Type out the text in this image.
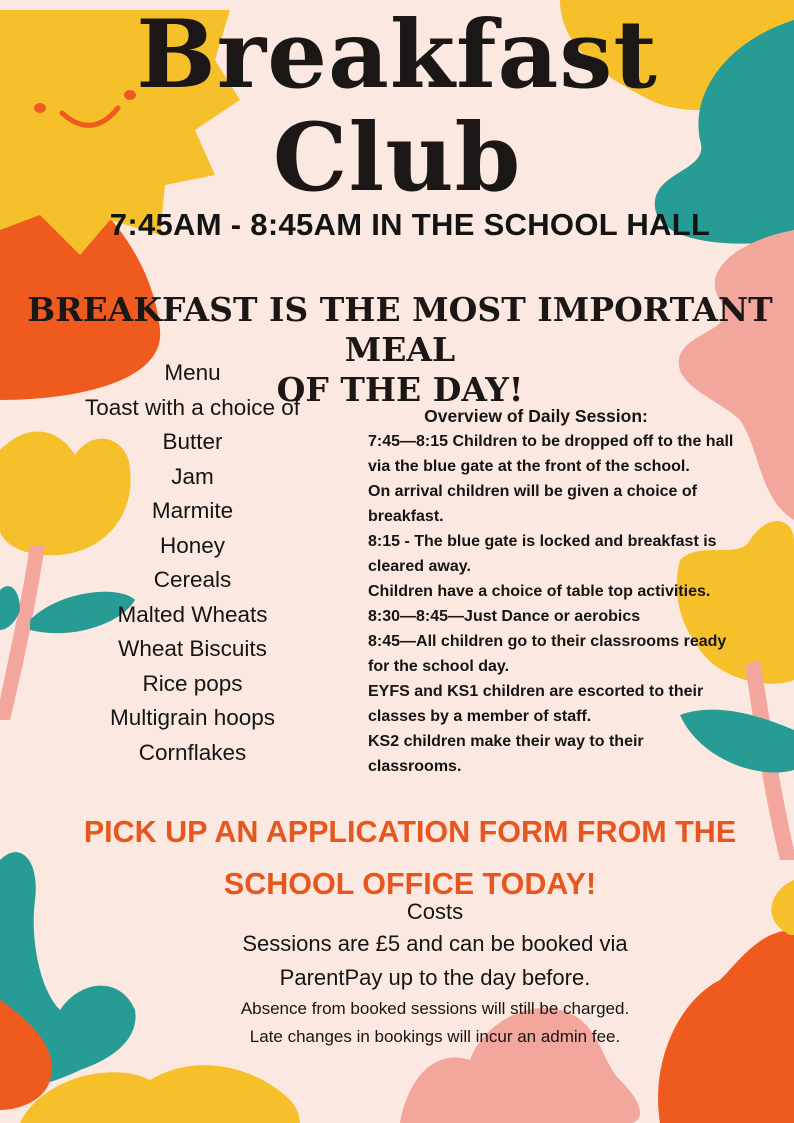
Breakfast
Club
7:45AM - 8:45AM IN THE SCHOOL HALL
BREAKFAST IS THE MOST IMPORTANT MEAL
OF THE DAY!
Menu
Toast with a choice of
Butter
Jam
Marmite
Honey
Cereals
Malted Wheats
Wheat Biscuits
Rice pops
Multigrain hoops
Cornflakes
Overview of Daily Session:
7:45—8:15 Children to be dropped off to the hall
via the blue gate at the front of the school.
On arrival children will be given a choice of
breakfast.
8:15 - The blue gate is locked and breakfast is
cleared away.
Children have a choice of table top activities.
8:30—8:45—Just Dance or aerobics
8:45—All children go to their classrooms ready
for the school day.
EYFS and KS1 children are escorted to their
classes by a member of staff.
KS2 children make their way to their
classrooms.
PICK UP AN APPLICATION FORM FROM THE
SCHOOL OFFICE TODAY!
Costs
Sessions are £5 and can be booked via
ParentPay up to the day before.
Absence from booked sessions will still be charged.
Late changes in bookings will incur an admin fee.
